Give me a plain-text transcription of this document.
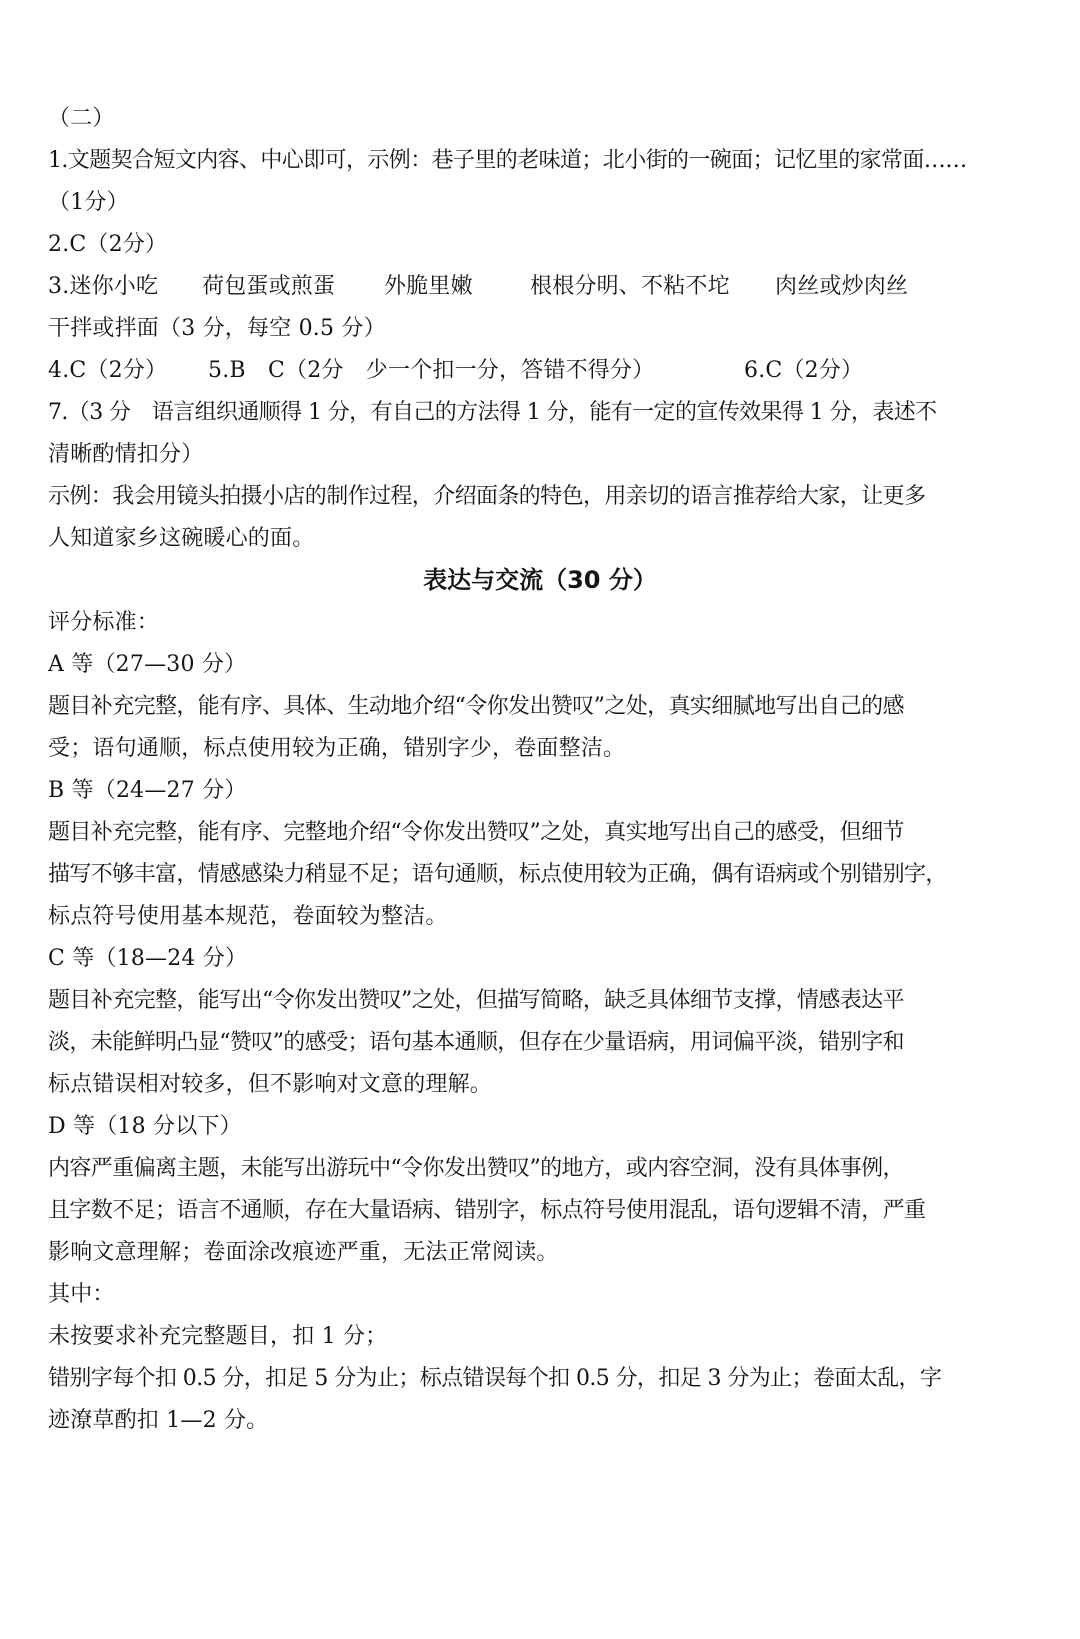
（二）
1.文题契合短文内容、中心即可，示例：巷子里的老味道；北小街的一碗面；记忆里的家常面……
（1分）
2.C（2分）

3.迷你小吃

荷包蛋或煎蛋

外脆里嫩

	根根分明、不粘不坨

肉丝或炒肉丝

干拌或拌面（3 分，每空 0.5 分）

4.C（2分）

5.B　C（2分　少一个扣一分，答错不得分）

	6.C（2分）

7.（3 分　语言组织通顺得 1 分，有自己的方法得 1 分，能有一定的宣传效果得 1 分，表述不
清晰酌情扣分）
示例：我会用镜头拍摄小店的制作过程，介绍面条的特色，用亲切的语言推荐给大家，让更多
人知道家乡这碗暖心的面。
表达与交流（30 分）
评分标准：
A 等（27—30 分）
题目补充完整，能有序、具体、生动地介绍“令你发出赞叹”之处，真实细腻地写出自己的感
受；语句通顺，标点使用较为正确，错别字少，卷面整洁。
B 等（24—27 分）
题目补充完整，能有序、完整地介绍“令你发出赞叹”之处，真实地写出自己的感受，但细节
描写不够丰富，情感感染力稍显不足；语句通顺，标点使用较为正确，偶有语病或个别错别字，
标点符号使用基本规范，卷面较为整洁。
C 等（18—24 分）
题目补充完整，能写出“令你发出赞叹”之处，但描写简略，缺乏具体细节支撑，情感表达平
淡，未能鲜明凸显“赞叹”的感受；语句基本通顺，但存在少量语病，用词偏平淡，错别字和
标点错误相对较多，但不影响对文意的理解。
D 等（18 分以下）
内容严重偏离主题，未能写出游玩中“令你发出赞叹”的地方，或内容空洞，没有具体事例，
且字数不足；语言不通顺，存在大量语病、错别字，标点符号使用混乱，语句逻辑不清，严重
影响文意理解；卷面涂改痕迹严重，无法正常阅读。
其中：
未按要求补充完整题目，扣 1 分；
错别字每个扣 0.5 分，扣足 5 分为止；标点错误每个扣 0.5 分，扣足 3 分为止；卷面太乱，字
迹潦草酌扣 1—2 分。
